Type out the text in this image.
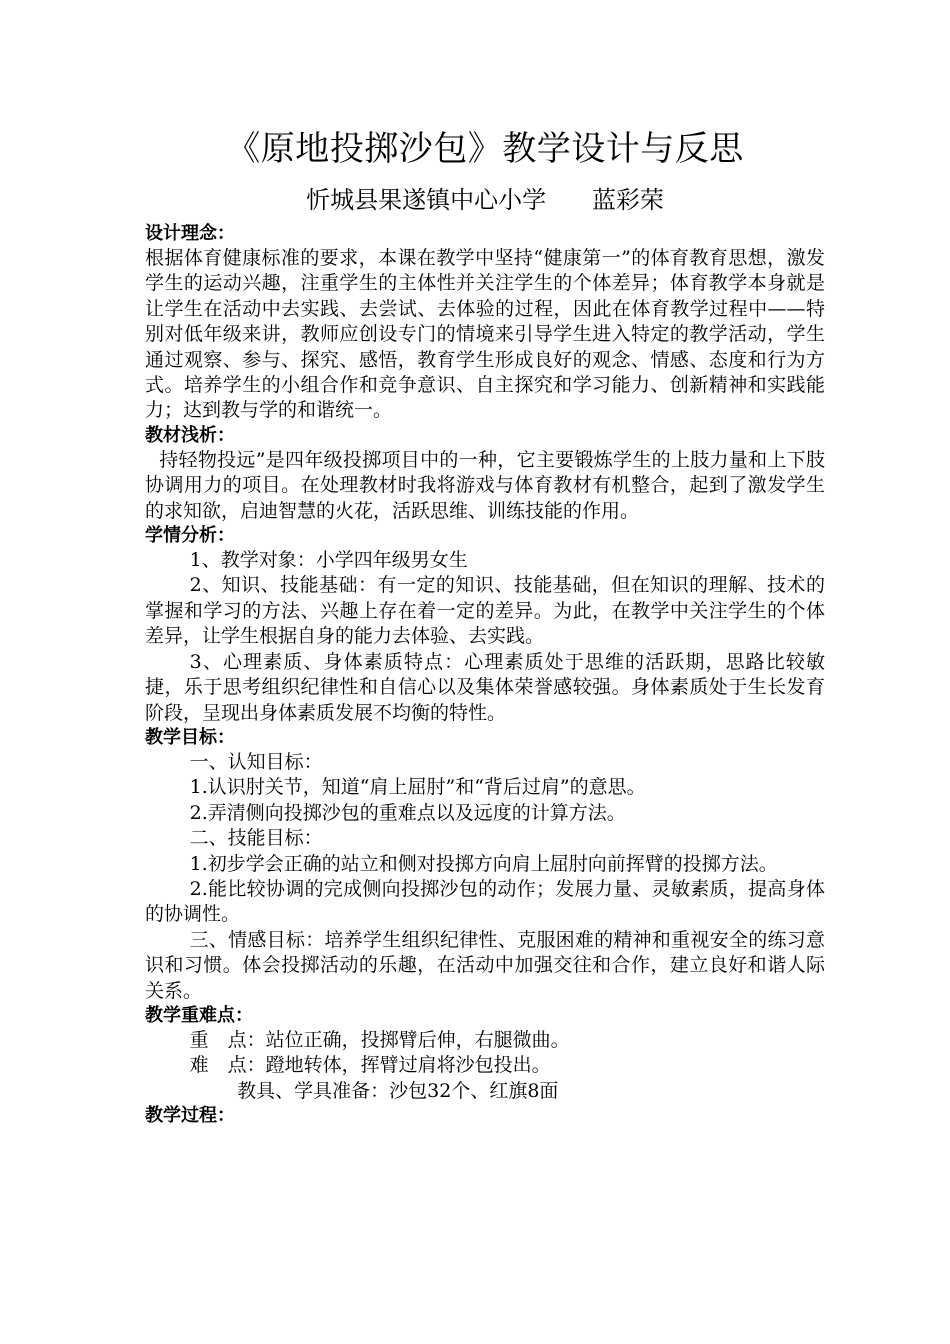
《原地投掷沙包》教学设计与反思
忻城县果遂镇中心小学      蓝彩荣
设计理念：

根据体育健康标准的要求，本课在教学中坚持“健康第一”的体育教育思想，激发学生的运动兴趣，注重学生的主体性并关注学生的个体差异；体育教学本身就是让学生在活动中去实践、去尝试、去体验的过程，因此在体育教学过程中——特别对低年级来讲，教师应创设专门的情境来引导学生进入特定的教学活动，学生通过观察、参与、探究、感悟，教育学生形成良好的观念、情感、态度和行为方式。培养学生的小组合作和竞争意识、自主探究和学习能力、创新精神和实践能力；达到教与学的和谐统一。

教材浅析：

持轻物投远”是四年级投掷项目中的一种，它主要锻炼学生的上肢力量和上下肢协调用力的项目。在处理教材时我将游戏与体育教材有机整合，起到了激发学生的求知欲，启迪智慧的火花，活跃思维、训练技能的作用。

学情分析：

1、教学对象：小学四年级男女生

2、知识、技能基础：有一定的知识、技能基础，但在知识的理解、技术的掌握和学习的方法、兴趣上存在着一定的差异。为此，在教学中关注学生的个体差异，让学生根据自身的能力去体验、去实践。

3、心理素质、身体素质特点：心理素质处于思维的活跃期，思路比较敏捷，乐于思考组织纪律性和自信心以及集体荣誉感较强。身体素质处于生长发育阶段，呈现出身体素质发展不均衡的特性。

教学目标：

一、认知目标：

1.认识肘关节，知道“肩上屈肘”和“背后过肩”的意思。

2.弄清侧向投掷沙包的重难点以及远度的计算方法。

二、技能目标：

1.初步学会正确的站立和侧对投掷方向肩上屈肘向前挥臂的投掷方法。

2.能比较协调的完成侧向投掷沙包的动作；发展力量、灵敏素质，提高身体的协调性。

三、情感目标：培养学生组织纪律性、克服困难的精神和重视安全的练习意识和习惯。体会投掷活动的乐趣，在活动中加强交往和合作，建立良好和谐人际关系。

教学重难点：

重　点：站位正确，投掷臂后伸，右腿微曲。

难　点：蹬地转体，挥臂过肩将沙包投出。

教具、学具准备：沙包32个、红旗8面

教学过程：
